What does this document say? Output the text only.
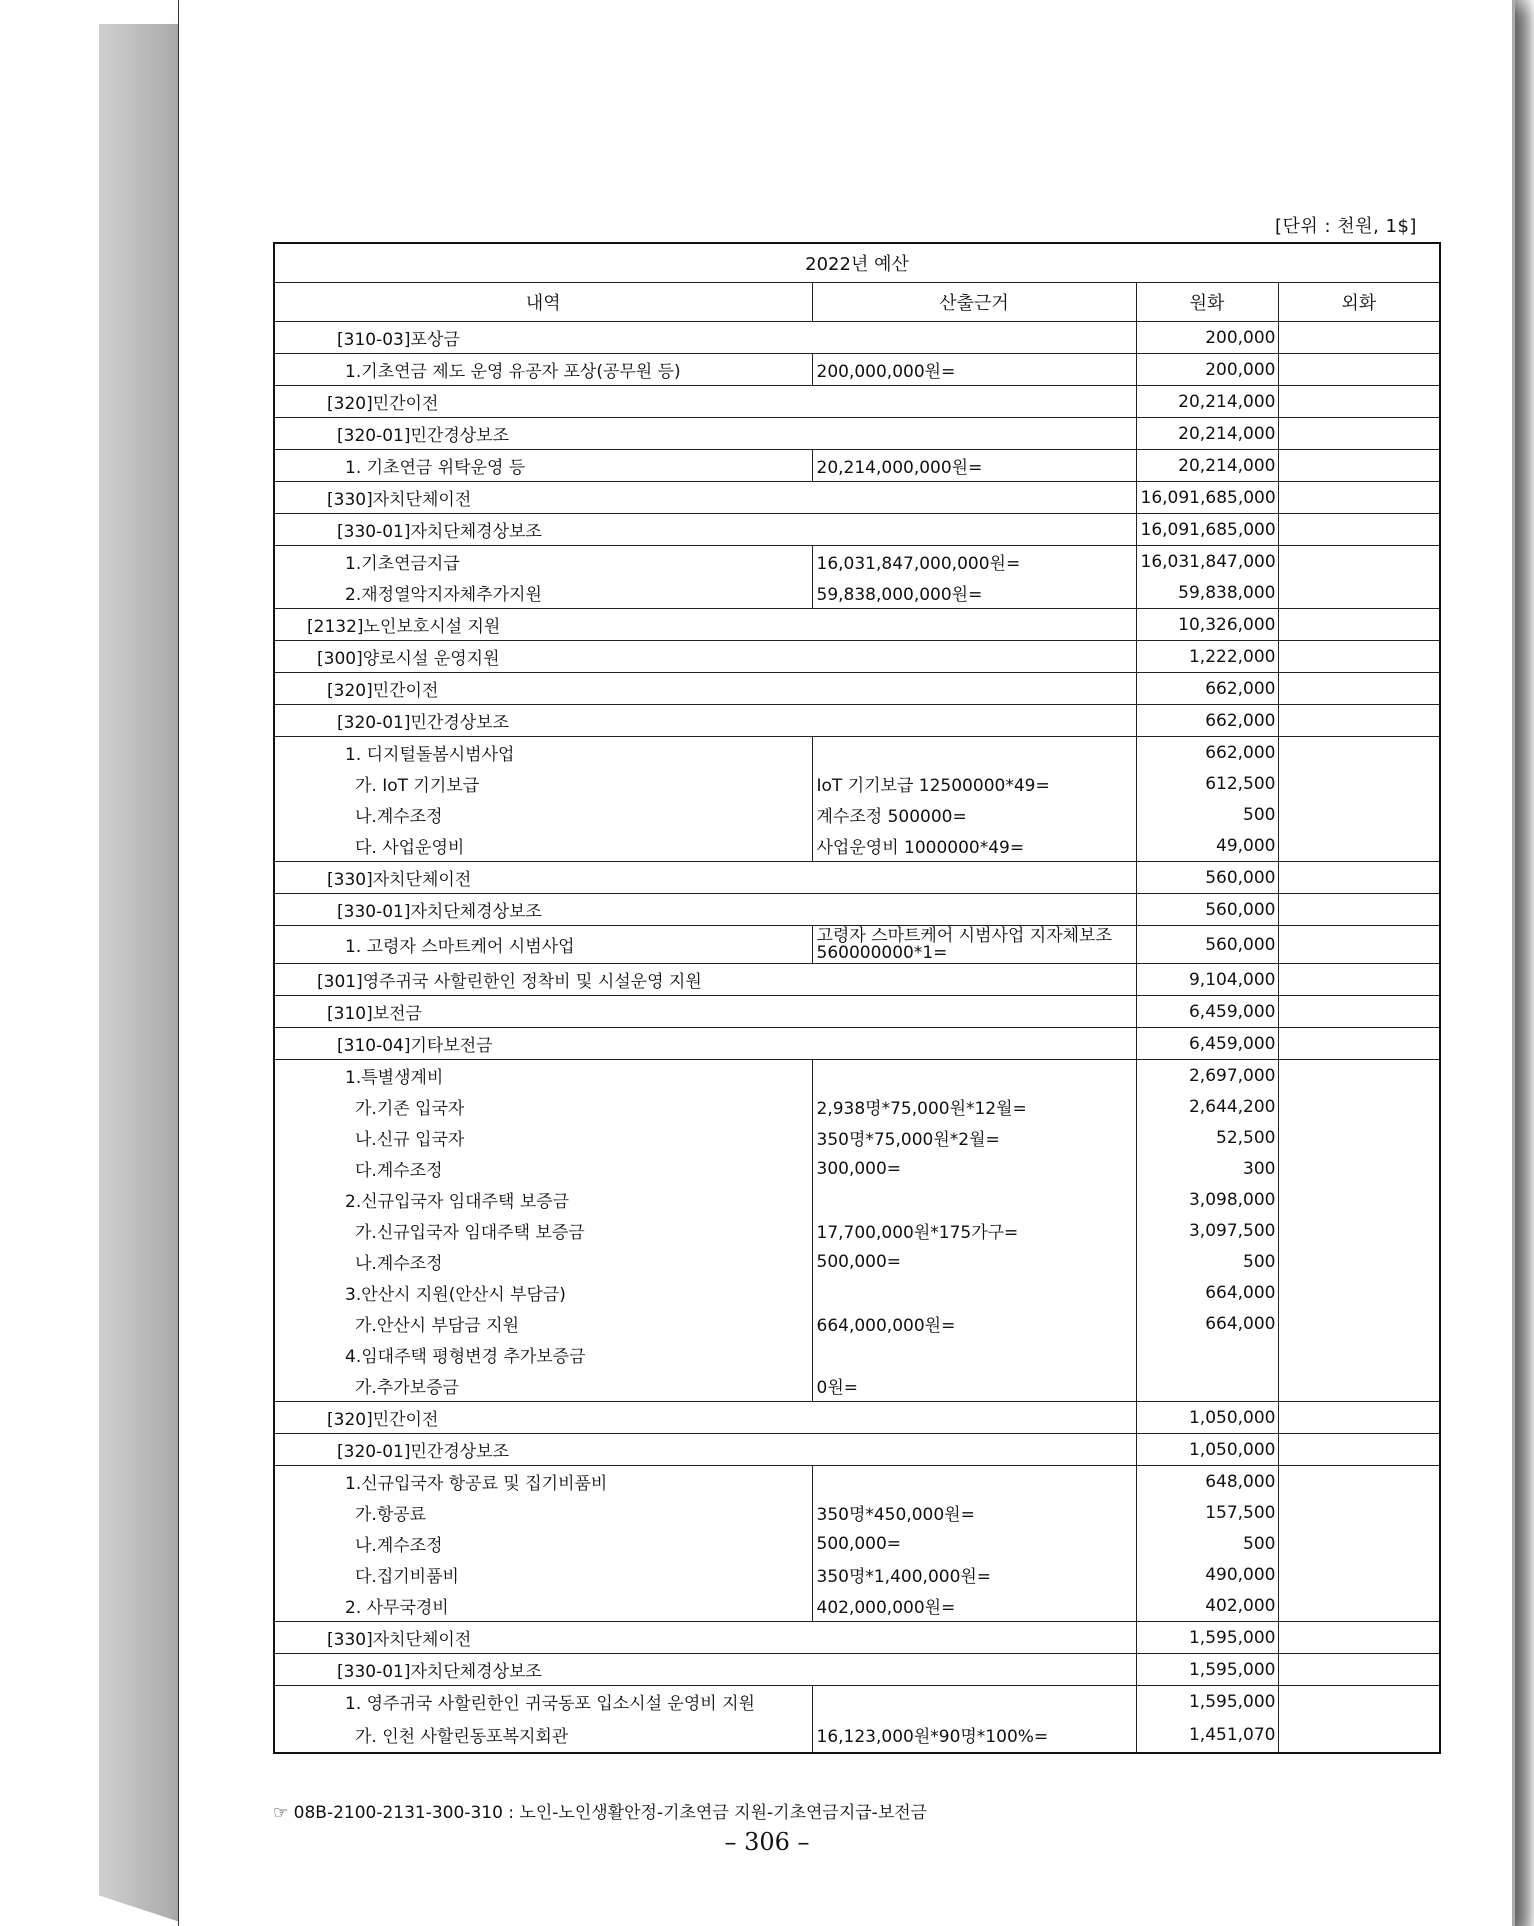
[단위 : 천원, 1$]
2022년 예산			
내역	산출근거	원화	외화
[310-03]포상금		200,000	
1.기초연금 제도 운영 유공자 포상(공무원 등)	200,000,000원=	200,000	
[320]민간이전		20,214,000	
[320-01]민간경상보조		20,214,000	
1. 기초연금 위탁운영 등	20,214,000,000원=	20,214,000	
[330]자치단체이전		16,091,685,000	
[330-01]자치단체경상보조		16,091,685,000	
1.기초연금지급	16,031,847,000,000원=	16,031,847,000	
2.재정열악지자체추가지원	59,838,000,000원=	59,838,000	
[2132]노인보호시설 지원		10,326,000	
[300]양로시설 운영지원		1,222,000	
[320]민간이전		662,000	
[320-01]민간경상보조		662,000	
1. 디지털돌봄시범사업		662,000	
가. IoT 기기보급	IoT 기기보급 12500000*49=	612,500	
나.계수조정	계수조정 500000=	500	
다. 사업운영비	사업운영비 1000000*49=	49,000	
[330]자치단체이전		560,000	
[330-01]자치단체경상보조		560,000	
1. 고령자 스마트케어 시범사업	고령자 스마트케어 시범사업 지자체보조 560000000*1=	560,000	
[301]영주귀국 사할린한인 정착비 및 시설운영 지원		9,104,000	
[310]보전금		6,459,000	
[310-04]기타보전금		6,459,000	
1.특별생계비		2,697,000	
가.기존 입국자	2,938명*75,000원*12월=	2,644,200	
나.신규 입국자	350명*75,000원*2월=	52,500	
다.계수조정	300,000=	300	
2.신규입국자 임대주택 보증금		3,098,000	
가.신규입국자 임대주택 보증금	17,700,000원*175가구=	3,097,500	
나.계수조정	500,000=	500	
3.안산시 지원(안산시 부담금)		664,000	
가.안산시 부담금 지원	664,000,000원=	664,000	
4.임대주택 평형변경 추가보증금			
가.추가보증금	0원=		
[320]민간이전		1,050,000	
[320-01]민간경상보조		1,050,000	
1.신규입국자 항공료 및 집기비품비		648,000	
가.항공료	350명*450,000원=	157,500	
나.계수조정	500,000=	500	
다.집기비품비	350명*1,400,000원=	490,000	
2. 사무국경비	402,000,000원=	402,000	
[330]자치단체이전		1,595,000	
[330-01]자치단체경상보조		1,595,000	
1. 영주귀국 사할린한인 귀국동포 입소시설 운영비 지원		1,595,000	
가. 인천 사할린동포복지회관	16,123,000원*90명*100%=	1,451,070	
☞ 08B-2100-2131-300-310 : 노인-노인생활안정-기초연금 지원-기초연금지급-보전금
– 306 –
